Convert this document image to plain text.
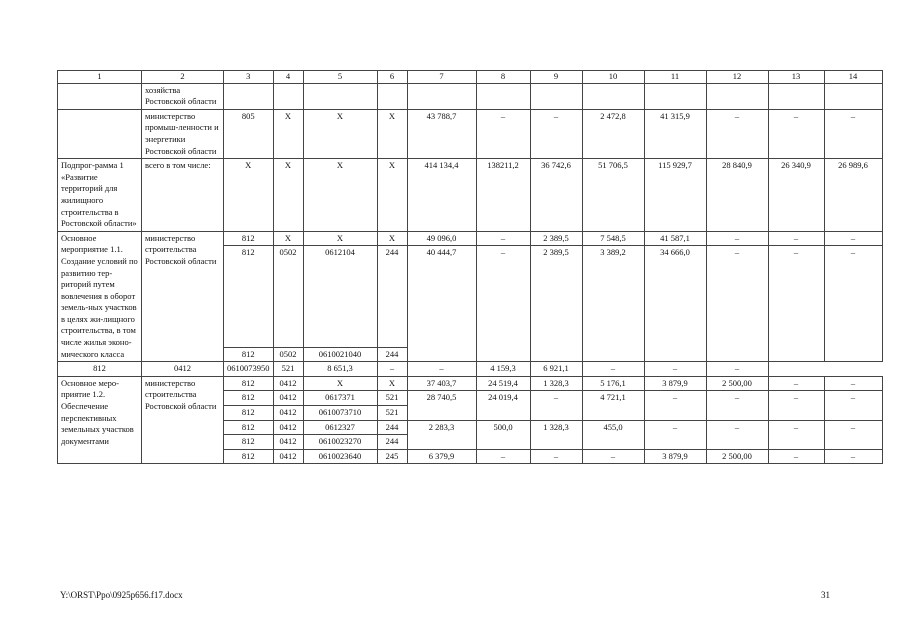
1	2	3	4	5	6	7	8	9	10	11	12	13	14
	хозяйства Ростовской области												
	министерство промыш-ленности и энергетики Ростовской области	805	Х	Х	Х	43 788,7	–	–	2 472,8	41 315,9	–	–	–
Подпрог-рамма 1 «Развитие территорий для жилищного строительства в Ростовской области»	всего в том числе:	Х	Х	Х	Х	414 134,4	138211,2	36 742,6	51 706,5	115 929,7	28 840,9	26 340,9	26 989,6
Основное мероприятие 1.1. Создание условий по развитию тер-риторий путем вовлечения в оборот земель-ных участков в целях жи-лищного строительства, в том числе жилья эконо-мического класса	министерство строительства Ростовской области	812	Х	Х	Х	49 096,0	–	2 389,5	7 548,5	41 587,1	–	–	–
		812	0502	0612104	244	40 444,7	–	2 389,5	3 389,2	34 666,0	–	–	–
		812	0502	0610021040	244								
812	0412	0610073950	521	8 651,3	–	–	4 159,3	6 921,1	–	–	–		
Основное меро-приятие 1.2. Обеспечение перспективных земельных участков документами	министерство строительства Ростовской области	812	0412	Х	Х	37 403,7	24 519,4	1 328,3	5 176,1	3 879,9	2 500,00	–	–
		812	0412	0617371	521	28 740,5	24 019,4	–	4 721,1	–	–	–	–
		812	0412	0610073710	521								
		812	0412	0612327	244	2 283,3	500,0	1 328,3	455,0	–	–	–	–
		812	0412	0610023270	244								
		812	0412	0610023640	245	6 379,9	–	–	–	3 879,9	2 500,00	–	–
Y:\ORST\Ppo\0925p656.f17.docx	31
